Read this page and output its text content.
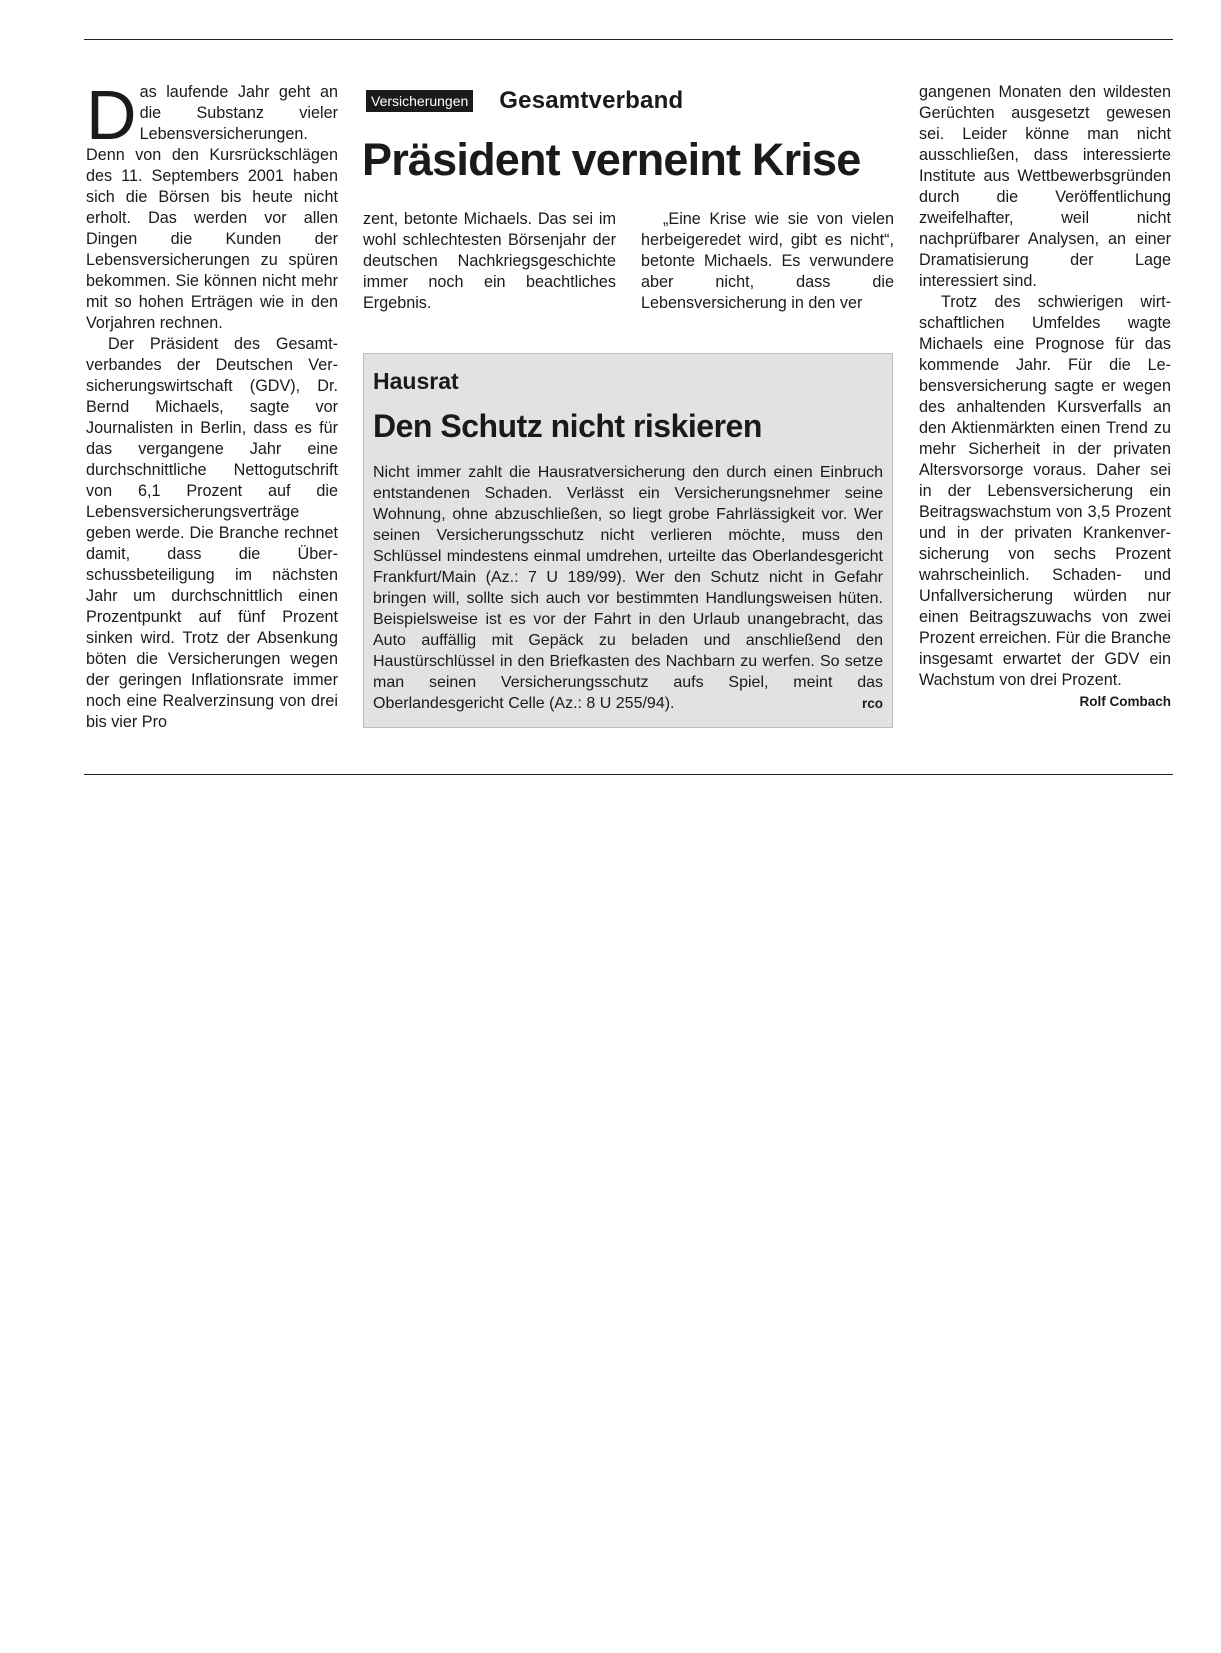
Versicherungen Gesamtverband
Präsident verneint Krise

Das laufende Jahr geht an die Substanz vieler Lebensversicherungen. Denn von den Kursrückschlägen des 11. Septembers 2001 haben sich die Börsen bis heute nicht erholt. Das werden vor allen Dingen die Kunden der Lebensversicherungen zu spüren bekommen. Sie können nicht mehr mit so hohen Erträgen wie in den Vorjahren rechnen.

Der Präsident des Gesamtverbandes der Deutschen Versicherungswirtschaft (GDV), Dr. Bernd Michaels, sagte vor Journalisten in Berlin, dass es für das vergangene Jahr eine durchschnittliche Nettogutschrift von 6,1 Prozent auf die Lebensversicherungsverträge geben werde. Die Branche rechnet damit, dass die Überschussbeteiligung im nächsten Jahr um durchschnittlich einen Prozentpunkt auf fünf Prozent sinken wird. Trotz der Absenkung böten die Versicherungen wegen der geringen Inflationsrate immer noch eine Realverzinsung von drei bis vier Pro

zent, betonte Michaels. Das sei im wohl schlechtesten Börsenjahr der deutschen Nachkriegsgeschichte immer noch ein beachtliches Ergebnis.

„Eine Krise wie sie von vielen herbeigeredet wird, gibt es nicht“, betonte Michaels. Es verwundere aber nicht, dass die Lebensversicherung in den ver

Hausrat
Den Schutz nicht riskieren

Nicht immer zahlt die Hausratversicherung den durch einen Einbruch entstandenen Schaden. Verlässt ein Versicherungsnehmer seine Wohnung, ohne abzuschließen, so liegt grobe Fahrlässigkeit vor. Wer seinen Versicherungsschutz nicht verlieren möchte, muss den Schlüssel mindestens einmal umdrehen, urteilte das Oberlandesgericht Frankfurt/Main (Az.: 7 U 189/99). Wer den Schutz nicht in Gefahr bringen will, sollte sich auch vor bestimmten Handlungsweisen hüten. Beispielsweise ist es vor der Fahrt in den Urlaub unangebracht, das Auto auffällig mit Gepäck zu beladen und anschließend den Haustürschlüssel in den Briefkasten des Nachbarn zu werfen. So setze man seinen Versicherungsschutz aufs Spiel, meint das Oberlandesgericht Celle (Az.: 8 U 255/94).	rco

gangenen Monaten den wildesten Gerüchten ausgesetzt gewesen sei. Leider könne man nicht ausschließen, dass interessierte Institute aus Wettbewerbsgründen durch die Veröffentlichung zweifelhafter, weil nicht nachprüfbarer Analysen, an einer Dramatisierung der Lage interessiert sind.

Trotz des schwierigen wirtschaftlichen Umfeldes wagte Michaels eine Prognose für das kommende Jahr. Für die Lebensversicherung sagte er wegen des anhaltenden Kursverfalls an den Aktienmärkten einen Trend zu mehr Sicherheit in der privaten Altersvorsorge voraus. Daher sei in der Lebensversicherung ein Beitragswachstum von 3,5 Prozent und in der privaten Krankenversicherung von sechs Prozent wahrscheinlich. Schaden- und Unfallversicherung würden nur einen Beitragszuwachs von zwei Prozent erreichen. Für die Branche insgesamt erwartet der GDV ein Wachstum von drei Prozent.
Rolf Combach
